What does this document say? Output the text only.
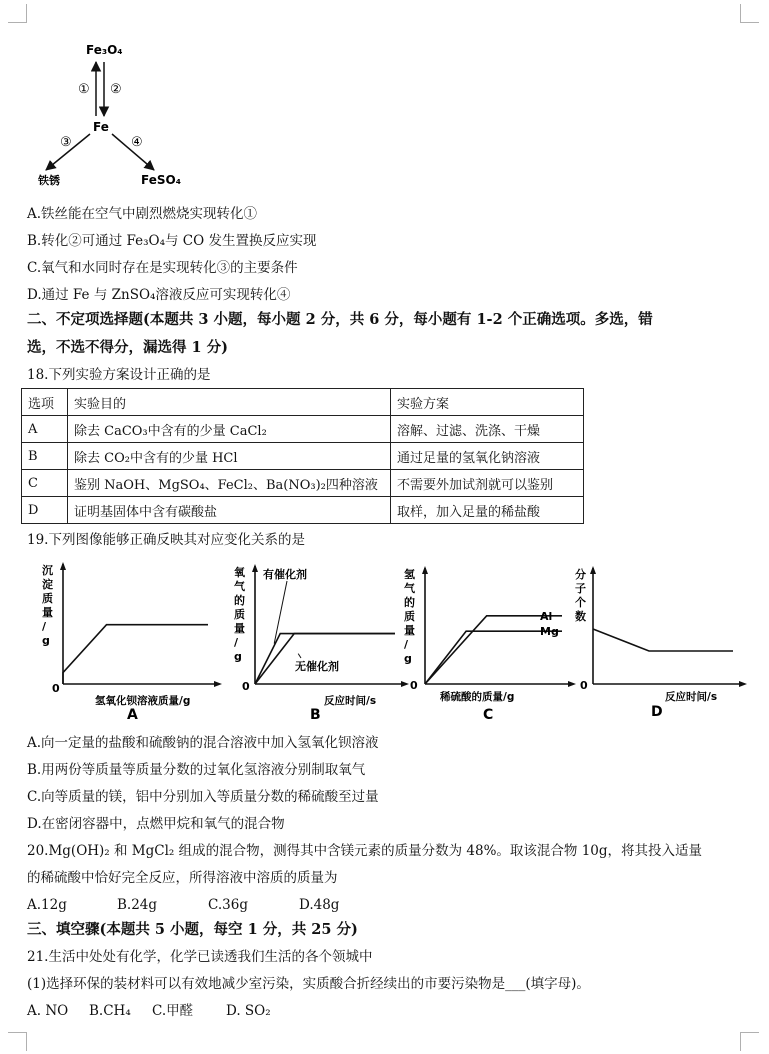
Fe₃O₄
Fe
铁锈	FeSO₄
① ②
③	④
A.铁丝能在空气中剧烈燃烧实现转化①
B.转化②可通过 Fe₃O₄与 CO 发生置换反应实现
C.氧气和水同时存在是实现转化③的主要条件
D.通过 Fe 与 ZnSO₄溶液反应可实现转化④
二、不定项选择题(本题共 3 小题，每小题 2 分，共 6 分，每小题有 1-2 个正确选项。多选，错
选，不选不得分，漏选得 1 分)
18.下列实验方案设计正确的是
选项	实验目的	实验方案
A	除去 CaCO₃中含有的少量 CaCl₂	溶解、过滤、洗涤、干燥
B	除去 CO₂中含有的少量 HCl	通过足量的氢氧化钠溶液
C	鉴别 NaOH、MgSO₄、FeCl₂、Ba(NO₃)₂四种溶液	不需要外加试剂就可以鉴别
D	证明基固体中含有碳酸盐	取样，加入足量的稀盐酸
19.下列图像能够正确反映其对应变化关系的是
沉
淀
质
量
/
g
氢氧化钡溶液质量/g
0
A
氧
气
的
质
量
/
g
反应时间/s
0
B
有催化剂
无催化剂
氢
气
的
质
量
/
g
稀硫酸的质量/g
0
C
Al
Mg
分
子
个
数
反应时间/s
0
D
A.向一定量的盐酸和硫酸钠的混合溶液中加入氢氧化钡溶液
B.用两份等质量等质量分数的过氧化氢溶液分别制取氧气
C.向等质量的镁，铝中分别加入等质量分数的稀硫酸至过量
D.在密闭容器中，点燃甲烷和氧气的混合物
20.Mg(OH)₂ 和 MgCl₂ 组成的混合物，测得其中含镁元素的质量分数为 48%。取该混合物 10g，将其投入适量
的稀硫酸中恰好完全反应，所得溶液中溶质的质量为
A.12g	B.24g	C.36g	D.48g
三、填空骤(本题共 5 小题，每空 1 分，共 25 分)
21.生活中处处有化学，化学已读透我们生活的各个领城中
(1)选择环保的装材料可以有效地减少室污染，实质酸合折经续出的市要污染物是___(填字母)。
A. NO B.CH₄ C.甲醛 D. SO₂
